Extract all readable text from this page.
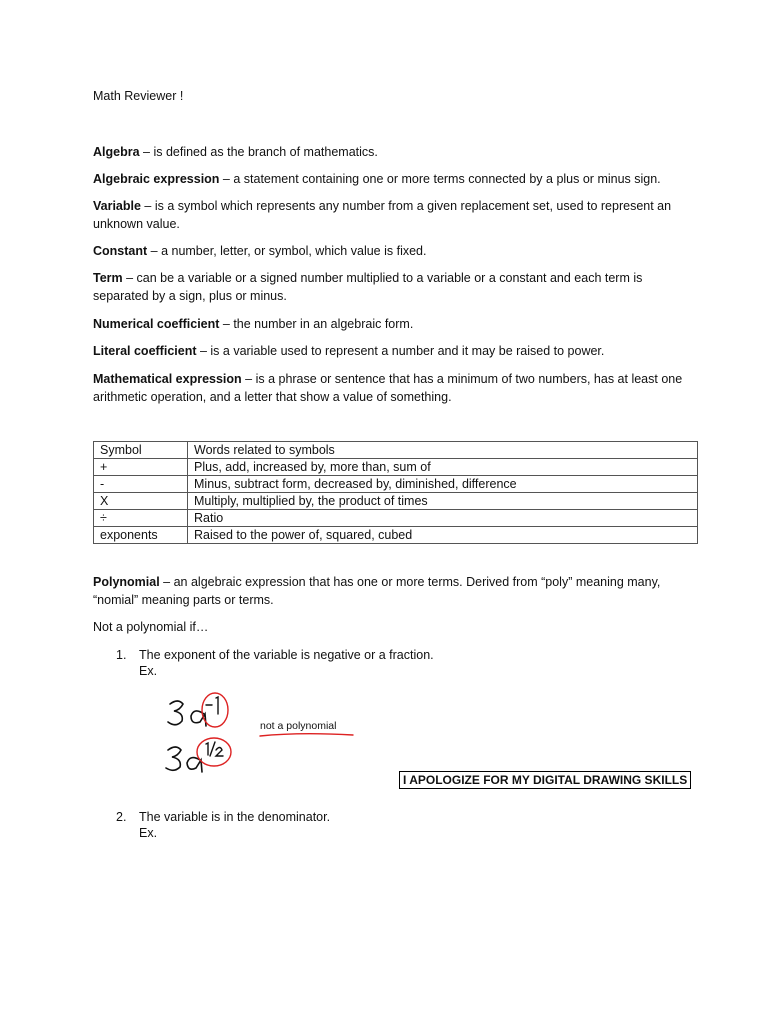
Math Reviewer !
Algebra – is defined as the branch of mathematics.
Algebraic expression – a statement containing one or more terms connected by a plus or minus sign.
Variable – is a symbol which represents any number from a given replacement set, used to represent an unknown value.
Constant – a number, letter, or symbol, which value is fixed.
Term – can be a variable or a signed number multiplied to a variable or a constant and each term is separated by a sign, plus or minus.
Numerical coefficient – the number in an algebraic form.
Literal coefficient – is a variable used to represent a number and it may be raised to power.
Mathematical expression – is a phrase or sentence that has a minimum of two numbers, has at least one arithmetic operation, and a letter that show a value of something.
Symbol	Words related to symbols
+	Plus, add, increased by, more than, sum of
-	Minus, subtract form, decreased by, diminished, difference
X	Multiply, multiplied by, the product of times
÷	Ratio
exponents	Raised to the power of, squared, cubed
Polynomial – an algebraic expression that has one or more terms. Derived from “poly” meaning many, “nomial” meaning parts or terms.
Not a polynomial if…
1. The exponent of the variable is negative or a fraction.
Ex.
not a polynomial
I APOLOGIZE FOR MY DIGITAL DRAWING SKILLS
2. The variable is in the denominator.
Ex.
